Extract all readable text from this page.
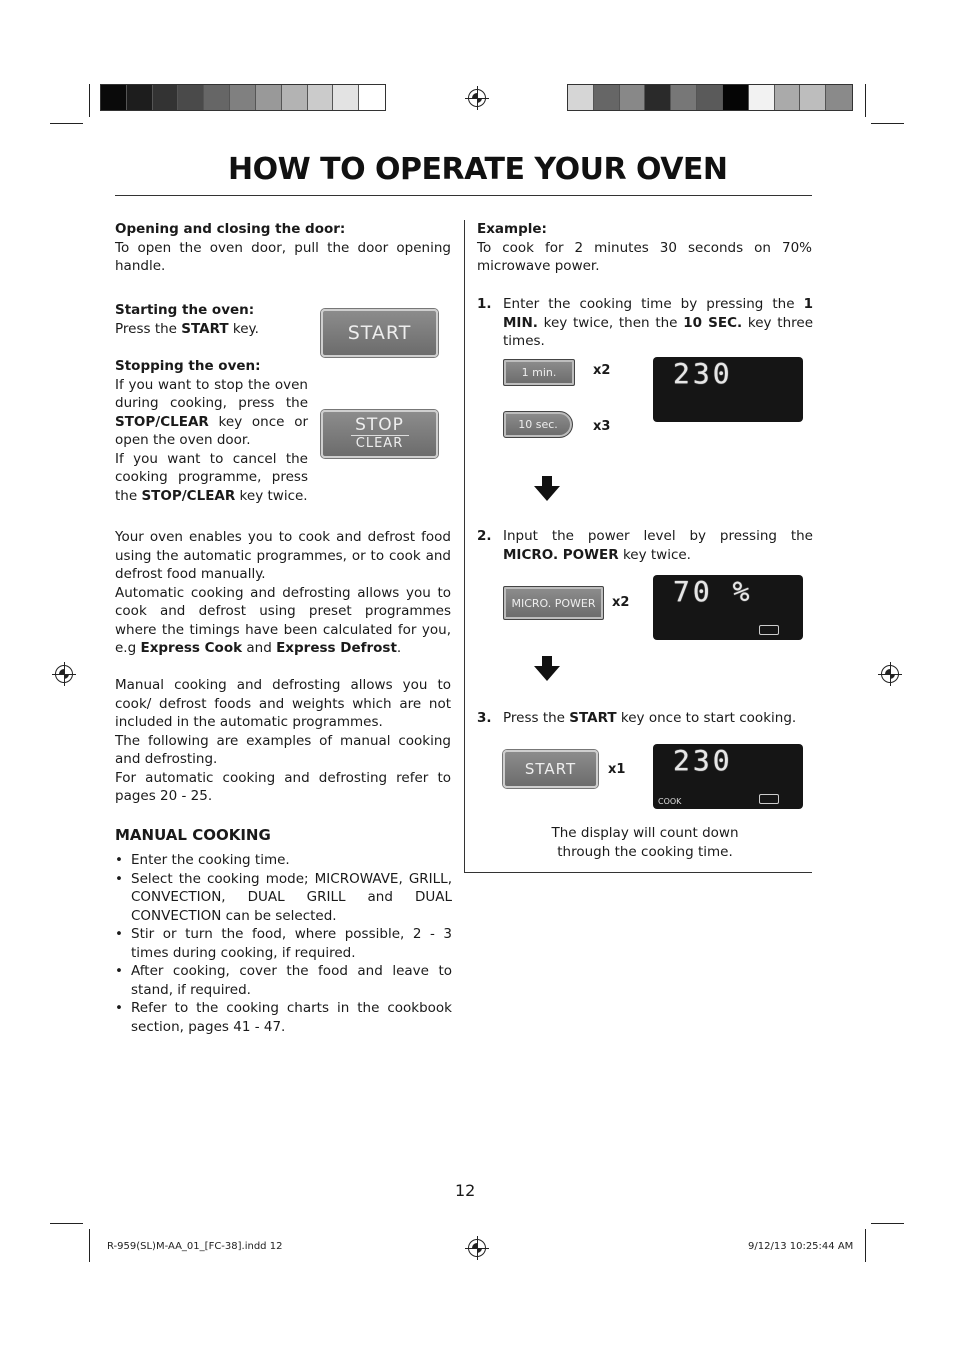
HOW TO OPERATE YOUR OVEN
Opening and closing the door:
To open the oven door, pull the door opening handle.
Starting the oven:
Press the START key.	START
Stopping the oven:
If you want to stop the oven during cooking, press the STOP/CLEAR key once or open the oven door.
If you want to cancel the cooking programme, press the STOP/CLEAR key twice.
STOP
CLEAR
Your oven enables you to cook and defrost food using the automatic programmes, or to cook and defrost food manually.
Automatic cooking and defrosting allows you to cook and defrost using preset programmes where the timings have been calculated for you, e.g Express Cook and Express Defrost.
Manual cooking and defrosting allows you to cook/ defrost foods and weights which are not included in the automatic programmes.
The following are examples of manual cooking and defrosting.
For automatic cooking and defrosting refer to pages 20 - 25.
MANUAL COOKING
• Enter the cooking time.
• Select the cooking mode; MICROWAVE, GRILL, CONVECTION, DUAL GRILL and DUAL CONVECTION can be selected.
• Stir or turn the food, where possible, 2 - 3 times during cooking, if required.
• After cooking, cover the food and leave to stand, if required.
• Refer to the cooking charts in the cookbook section, pages 41 - 47.
Example:
To cook for 2 minutes 30 seconds on 70% microwave power.
1. Enter the cooking time by pressing the 1 MIN. key twice, then the 10 SEC. key three times.
1 min.	x2
10 sec.	x3
230
2. Input the power level by pressing the MICRO. POWER key twice.
MICRO. POWER	x2 70 %
3. Press the START key once to start cooking.
START	x1 230
COOK
The display will count down
through the cooking time.
12
R-959(SL)M-AA_01_[FC-38].indd 12	9/12/13 10:25:44 AM
